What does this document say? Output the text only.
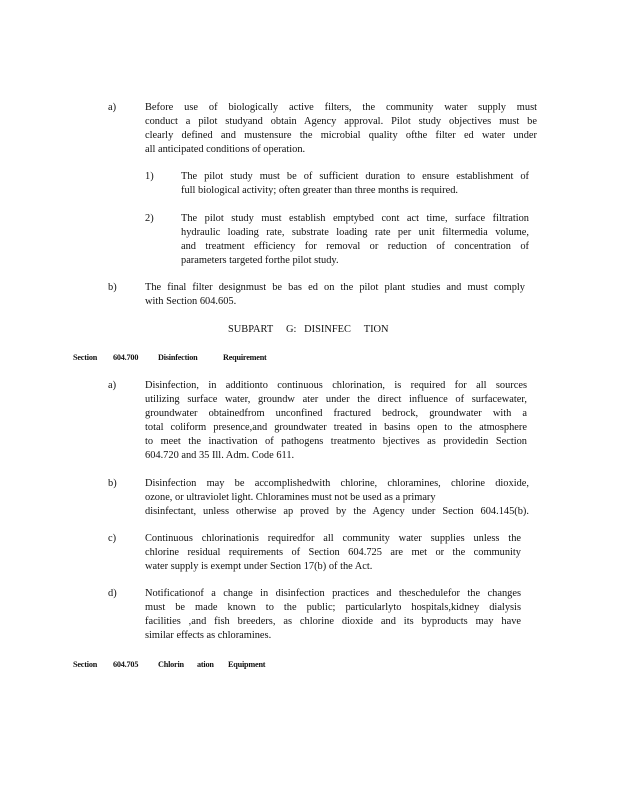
a)	Before use of biologically active filters, the community water supply must
conduct a pilot studyand obtain Agency approval. Pilot study objectives must be
clearly defined and mustensure the microbial quality ofthe filter ed water under
all anticipated conditions of operation.
1)	The pilot study must be of sufficient duration to ensure establishment of
full biological activity; often greater than three months is required.
2)	The pilot study must establish emptybed cont act time, surface filtration
hydraulic loading rate, substrate loading rate per unit filtermedia volume,
and treatment efficiency for removal or reduction of concentration of
parameters targeted forthe pilot study.
b)	The final filter designmust be bas ed on the pilot plant studies and must comply
with Section 604.605.
SUBPART     G:   DISINFEC     TION
Section 604.700 Disinfection	Requirement
a)	Disinfection, in additionto continuous chlorination, is required for all sources
utilizing surface water, groundw ater under the direct influence of surfacewater,
groundwater obtainedfrom unconfined fractured bedrock, groundwater with a
total coliform presence,and groundwater treated in basins open to the atmosphere
to meet the inactivation of pathogens treatmento bjectives as providedin Section
604.720 and 35 Ill. Adm. Code 611.
b)	Disinfection may be accomplishedwith chlorine, chloramines, chlorine dioxide,
ozone, or ultraviolet light. Chloramines must not be used as a primary
disinfectant, unless otherwise ap proved by the Agency under Section 604.145(b).
c)	Continuous chlorinationis requiredfor all community water supplies unless the
chlorine residual requirements of Section 604.725 are met or the community
water supply is exempt under Section 17(b) of the Act.
d)	Notificationof a change in disinfection practices and theschedulefor the changes
must be made known to the public; particularlyto hospitals,kidney dialysis
facilities ,and fish breeders, as chlorine dioxide and its byproducts may have
similar effects as chloramines.
Section 604.705 Chlorin ation Equipment
